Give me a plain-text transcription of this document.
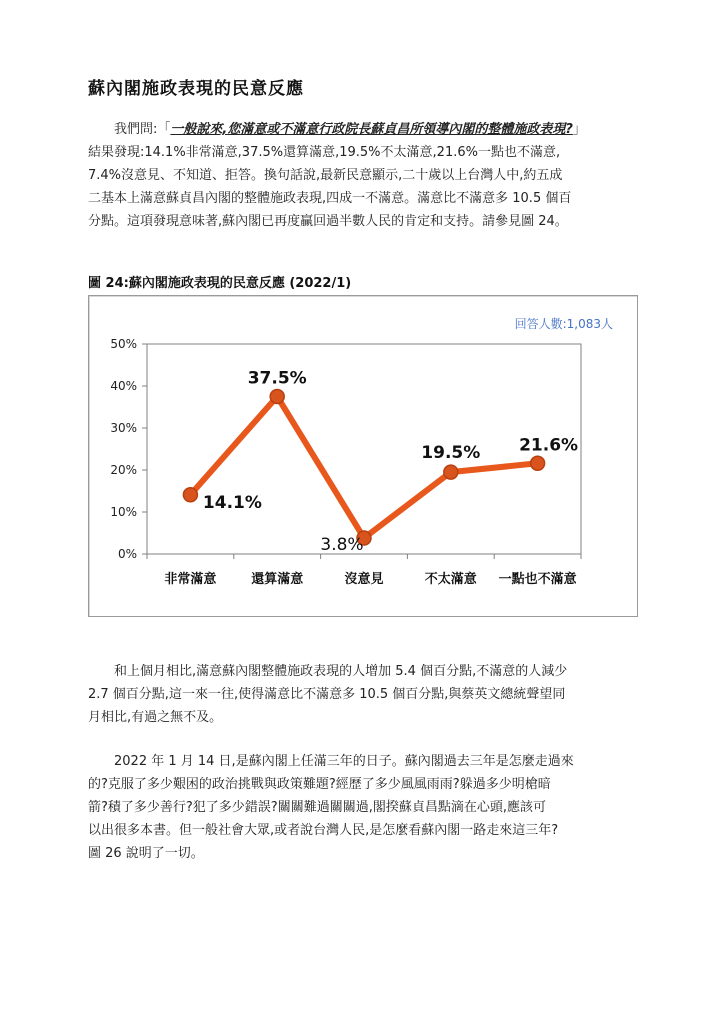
蘇內閣施政表現的民意反應

我們問:「一般說來,您滿意或不滿意行政院長蘇貞昌所領導內閣的整體施政表現?」

結果發現:14.1%非常滿意,37.5%還算滿意,19.5%不太滿意,21.6%一點也不滿意,

7.4%沒意見、不知道、拒答。換句話說,最新民意顯示,二十歲以上台灣人中,約五成

二基本上滿意蘇貞昌內閣的整體施政表現,四成一不滿意。滿意比不滿意多 10.5 個百

分點。這項發現意味著,蘇內閣已再度贏回過半數人民的肯定和支持。請參見圖 24。

圖 24:蘇內閣施政表現的民意反應 (2022/1)
回答人數:1,083人
0%
10%
20%
30%
40%
50%
非常滿意	還算滿意	沒意見	不太滿意 一點也不滿意
14.1%
37.5%
3.8%
19.5% 21.6%

和上個月相比,滿意蘇內閣整體施政表現的人增加 5.4 個百分點,不滿意的人減少

2.7 個百分點,這一來一往,使得滿意比不滿意多 10.5 個百分點,與蔡英文總統聲望同

月相比,有過之無不及。

2022 年 1 月 14 日,是蘇內閣上任滿三年的日子。蘇內閣過去三年是怎麼走過來

的?克服了多少艱困的政治挑戰與政策難題?經歷了多少風風雨雨?躲過多少明槍暗

箭?積了多少善行?犯了多少錯誤?關關難過關關過,閣揆蘇貞昌點滴在心頭,應該可

以出很多本書。但一般社會大眾,或者說台灣人民,是怎麼看蘇內閣一路走來這三年?

圖 26 說明了一切。
